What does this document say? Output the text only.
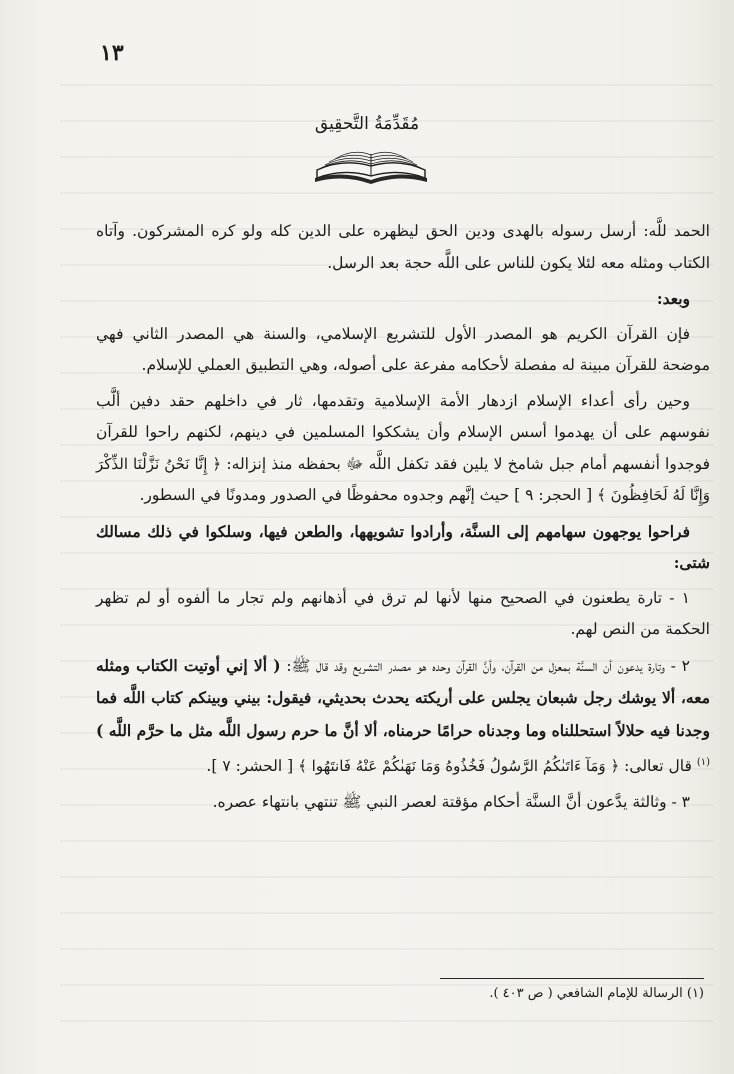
١٣
مُقَدِّمَةُ التَّحقِيق

الحمد للَّه: أرسل رسوله بالهدى ودين الحق ليظهره على الدين كله ولو كره المشركون. وآتاه الكتاب ومثله معه لئلا يكون للناس على اللَّه حجة بعد الرسل.

وبعد:

فإن القرآن الكريم هو المصدر الأول للتشريع الإسلامي، والسنة هي المصدر الثاني فهي موضحة للقرآن مبينة له مفصلة لأحكامه مفرعة على أصوله، وهي التطبيق العملي للإسلام.

وحين رأى أعداء الإسلام ازدهار الأمة الإسلامية وتقدمها، ثار في داخلهم حقد دفين ألَّب نفوسهم على أن يهدموا أسس الإسلام وأن يشككوا المسلمين في دينهم، لكنهم راحوا للقرآن فوجدوا أنفسهم أمام جبل شامخ لا يلين فقد تكفل اللَّه ﷻ بحفظه منذ إنزاله: ﴿ إِنَّا نَحْنُ نَزَّلْنَا الذِّكْرَ وَإِنَّا لَهُ لَحَافِظُونَ ﴾ [ الحجر: ٩ ] حيث إنَّهم وجدوه محفوظًا في الصدور ومدونًا في السطور.

فراحوا يوجهون سهامهم إلى السنَّة، وأرادوا تشويهها، والطعن فيها، وسلكوا في ذلك مسالك شتى:

١ - تارة يطعنون في الصحيح منها لأنها لم ترق في أذهانهم ولم تجار ما ألفوه أو لم تظهر الحكمة من النص لهم.

٢ - وتارة يدعون أن السنَّة بمعزل من القرآن، وأنَّ القرآن وحده هو مصدر التشريع وقد قال ﷺ: ( ألا إني أوتيت الكتاب ومثله معه، ألا يوشك رجل شبعان يجلس على أريكته يحدث بحديثي، فيقول: بيني وبينكم كتاب اللَّه فما وجدنا فيه حلالاً استحللناه وما وجدناه حرامًا حرمناه، ألا أنَّ ما حرم رسول اللَّه مثل ما حرَّم اللَّه ) $^{(١)}$ قال تعالى: ﴿ وَمَآ ءَاتَىٰكُمُ الرَّسُولُ فَخُذُوهُ وَمَا نَهَىٰكُمْ عَنْهُ فَانتَهُوا ﴾ [ الحشر: ٧ ].

٣ - وثالثة يدَّعون أنَّ السنَّة أحكام مؤقتة لعصر النبي ﷺ تنتهي بانتهاء عصره.

(١) الرسالة للإمام الشافعي ( ص ٤٠٣ ).
